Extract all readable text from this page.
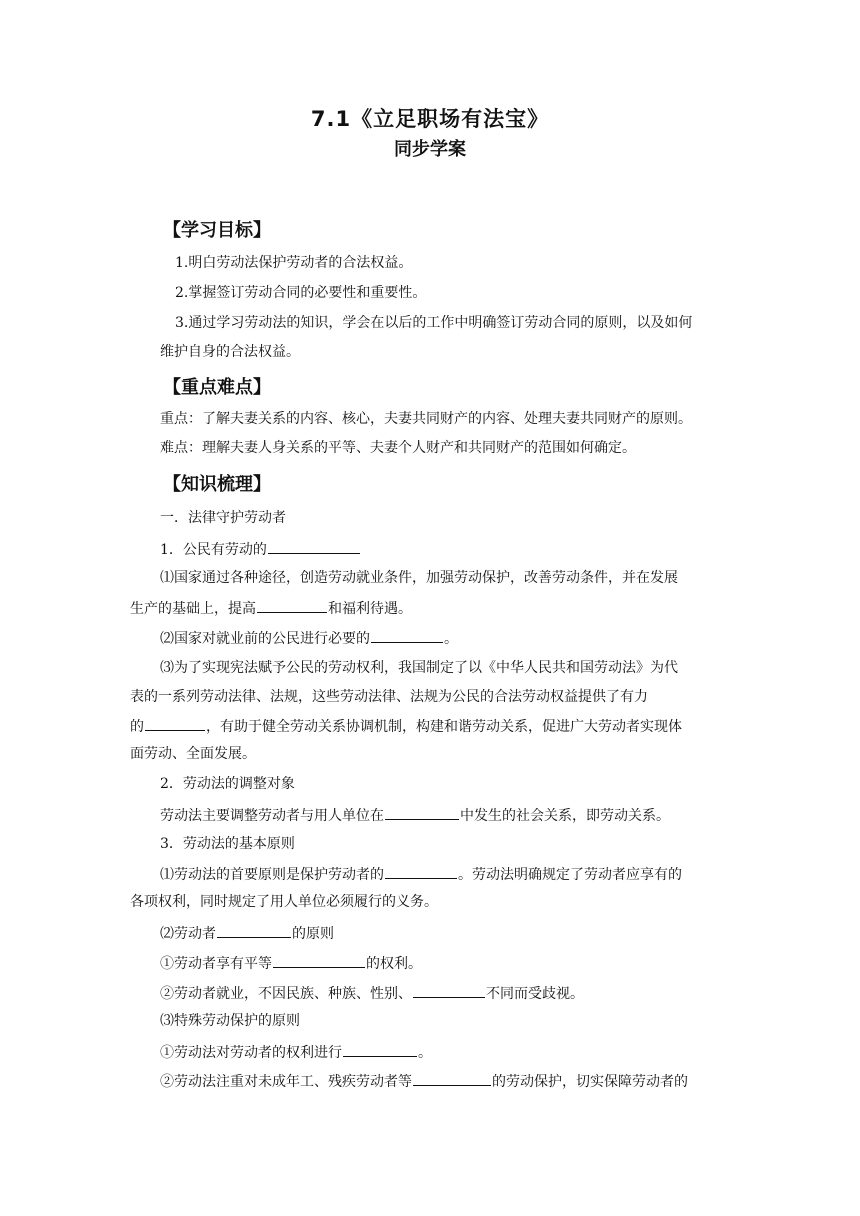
7.1《立足职场有法宝》
同步学案
【学习目标】
1.明白劳动法保护劳动者的合法权益。
2.掌握签订劳动合同的必要性和重要性。
3.通过学习劳动法的知识，学会在以后的工作中明确签订劳动合同的原则，以及如何
维护自身的合法权益。
【重点难点】
重点：了解夫妻关系的内容、核心，夫妻共同财产的内容、处理夫妻共同财产的原则。
难点：理解夫妻人身关系的平等、夫妻个人财产和共同财产的范围如何确定。
【知识梳理】
一．法律守护劳动者
1．公民有劳动的
⑴国家通过各种途径，创造劳动就业条件，加强劳动保护，改善劳动条件，并在发展
生产的基础上，提高	和福利待遇。
⑵国家对就业前的公民进行必要的	。
⑶为了实现宪法赋予公民的劳动权利，我国制定了以《中华人民共和国劳动法》为代
表的一系列劳动法律、法规，这些劳动法律、法规为公民的合法劳动权益提供了有力
的	，有助于健全劳动关系协调机制，构建和谐劳动关系，促进广大劳动者实现体
面劳动、全面发展。
2．劳动法的调整对象
劳动法主要调整劳动者与用人单位在	中发生的社会关系，即劳动关系。
3．劳动法的基本原则
⑴劳动法的首要原则是保护劳动者的	。劳动法明确规定了劳动者应享有的
各项权利，同时规定了用人单位必须履行的义务。
⑵劳动者	的原则
①劳动者享有平等	的权利。
②劳动者就业，不因民族、种族、性别、	不同而受歧视。
⑶特殊劳动保护的原则
①劳动法对劳动者的权利进行	。
②劳动法注重对未成年工、残疾劳动者等	的劳动保护，切实保障劳动者的
